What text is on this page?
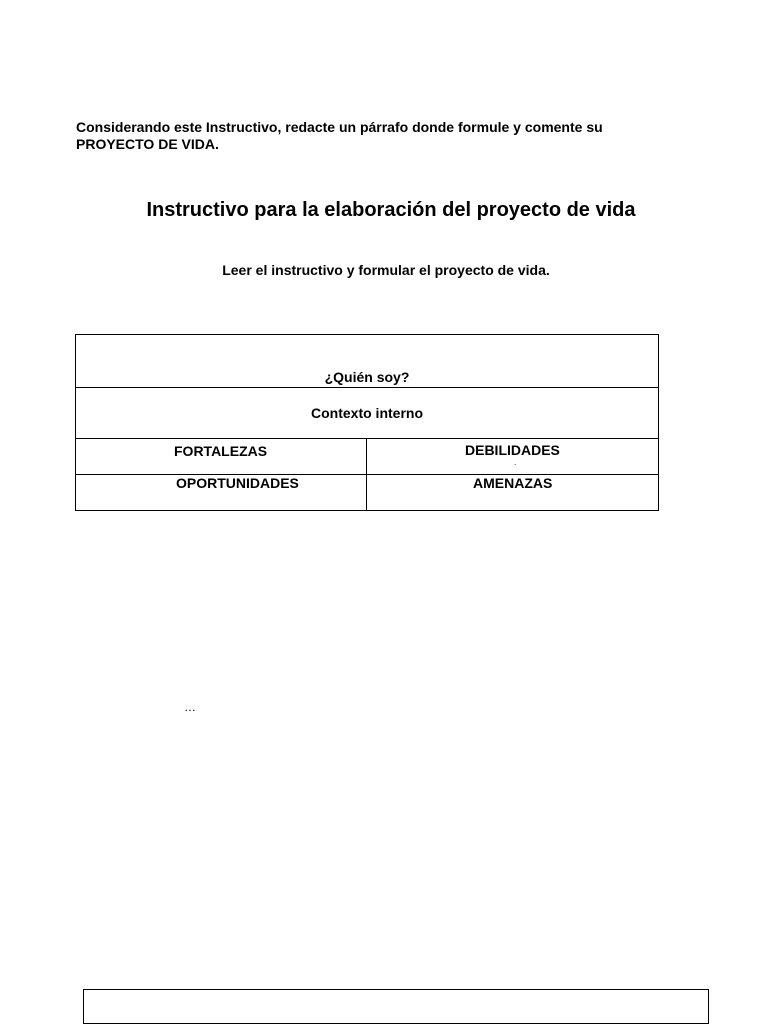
Considerando este Instructivo, redacte un párrafo donde formule y comente su PROYECTO DE VIDA.
Instructivo para la elaboración del proyecto de vida
Leer el instructivo y formular el proyecto de vida.
¿Quién soy?
Contexto interno
FORTALEZAS	DEBILIDADES
.
OPORTUNIDADES	AMENAZAS
…
